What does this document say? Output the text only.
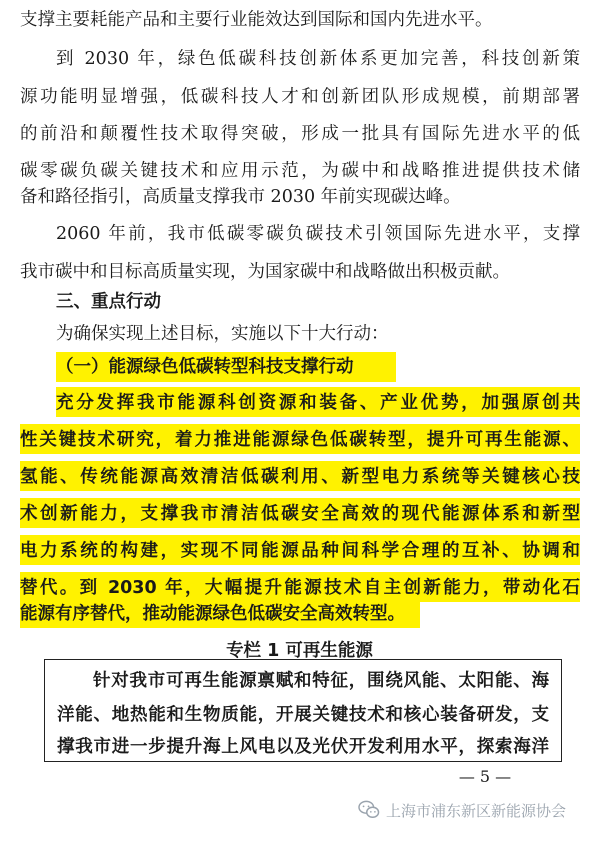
支撑主要耗能产品和主要行业能效达到国际和国内先进水平。
到 2030 年，绿色低碳科技创新体系更加完善，科技创新策
源功能明显增强，低碳科技人才和创新团队形成规模，前期部署
的前沿和颠覆性技术取得突破，形成一批具有国际先进水平的低
碳零碳负碳关键技术和应用示范，为碳中和战略推进提供技术储
备和路径指引，高质量支撑我市 2030 年前实现碳达峰。
2060 年前，我市低碳零碳负碳技术引领国际先进水平，支撑
我市碳中和目标高质量实现，为国家碳中和战略做出积极贡献。
三、重点行动
为确保实现上述目标，实施以下十大行动：
（一）能源绿色低碳转型科技支撑行动
充分发挥我市能源科创资源和装备、产业优势，加强原创共
性关键技术研究，着力推进能源绿色低碳转型，提升可再生能源、
氢能、传统能源高效清洁低碳利用、新型电力系统等关键核心技
术创新能力，支撑我市清洁低碳安全高效的现代能源体系和新型
电力系统的构建，实现不同能源品种间科学合理的互补、协调和
替代。到 2030 年，大幅提升能源技术自主创新能力，带动化石
能源有序替代，推动能源绿色低碳安全高效转型。
专栏 1 可再生能源
针对我市可再生能源禀赋和特征，围绕风能、太阳能、海
洋能、地热能和生物质能，开展关键技术和核心装备研发，支
撑我市进一步提升海上风电以及光伏开发利用水平，探索海洋
— 5 —
上海市浦东新区新能源协会
